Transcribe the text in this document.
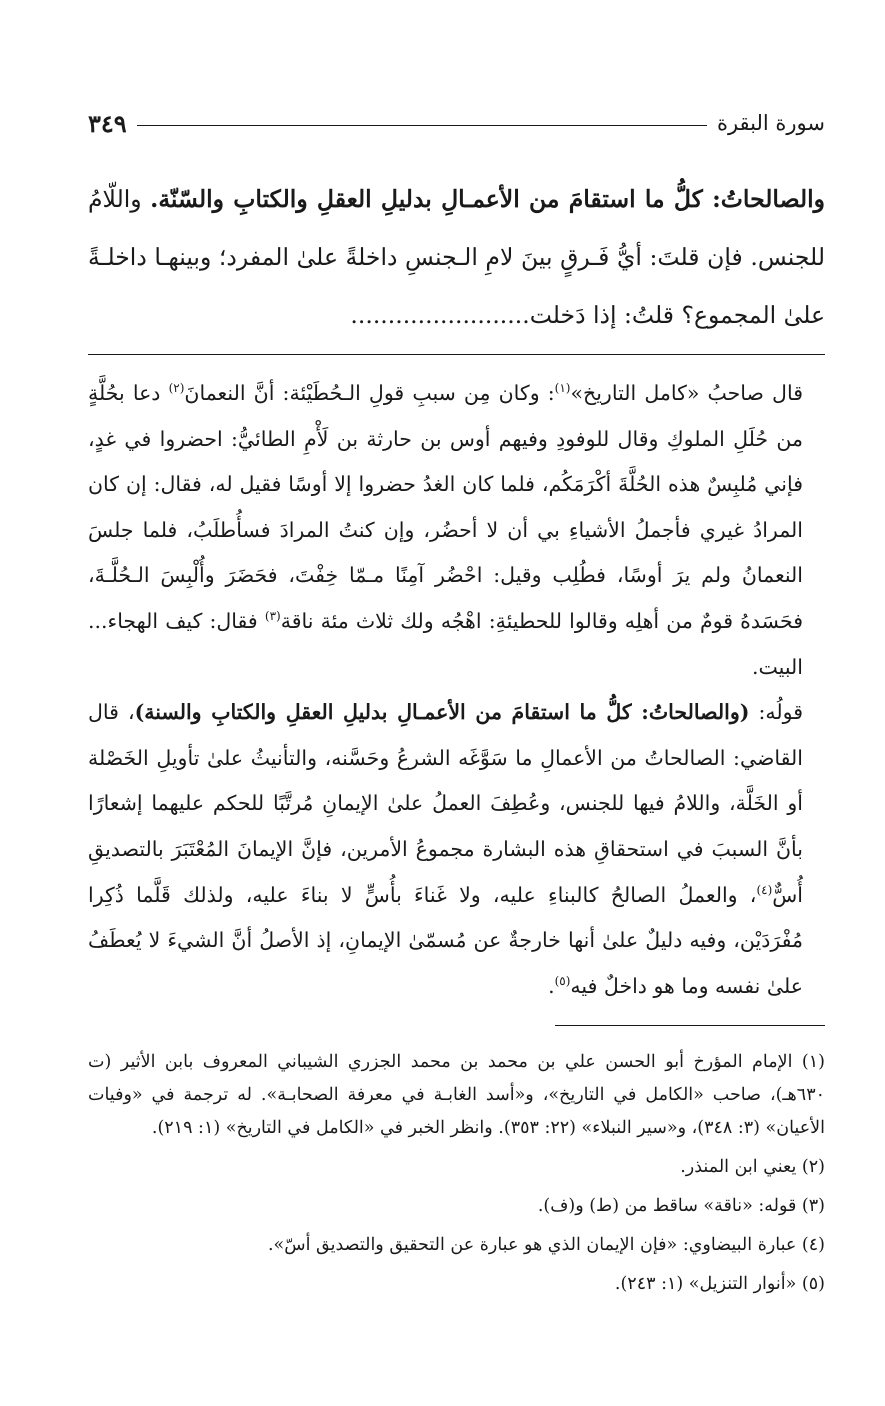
سورة البقرة
٣٤٩
والصالحاتُ: كلُّ ما استقامَ من الأعمـالِ بدليلِ العقلِ والكتابِ والسّنّة. واللّامُ للجنس. فإن قلتَ: أيُّ فَـرقٍ بينَ لامِ الـجنسِ داخلةً علىٰ المفرد؛ وبينهـا داخلـةً علىٰ المجموع؟ قلتُ: إذا دَخلت........................

قال صاحبُ «كامل التاريخ»$^{(١)}$: وكان مِن سببِ قولِ الـحُطَيْئة: أنَّ النعمانَ$^{(٢)}$ دعا بحُلَّةٍ من حُلَلِ الملوكِ وقال للوفودِ وفيهم أوس بن حارثة بن لَأْمِ الطائيُّ: احضروا في غدٍ، فإني مُلبِسٌ هذه الحُلَّةَ أكْرَمَكُم، فلما كان الغدُ حضروا إلا أوسًا فقيل له، فقال: إن كان المرادُ غيري فأجملُ الأشياءِ بي أن لا أحضُر، وإن كنتُ المرادَ فسأُطلَبُ، فلما جلسَ النعمانُ ولم يرَ أوسًا، فطُلِب وقيل: احْضُر آمِنًا مـمّا خِفْتَ، فحَضَرَ وأُلْبِسَ الـحُلَّـةَ، فحَسَدهُ قومٌ من أهلِه وقالوا للحطيئةِ: اهْجُه ولك ثلاث مئة ناقة$^{(٣)}$ فقال: كيف الهجاء... البيت.

قولُه: (والصالحاتُ: كلُّ ما استقامَ من الأعمـالِ بدليلِ العقلِ والكتابِ والسنة)، قال القاضي: الصالحاتُ من الأعمالِ ما سَوَّغَه الشرعُ وحَسَّنه، والتأنيثُ علىٰ تأويلِ الخَصْلة أو الخَلَّة، واللامُ فيها للجنس، وعُطِفَ العملُ علىٰ الإيمانِ مُرتَّبًا للحكم عليهما إشعارًا بأنَّ السببَ في استحقاقِ هذه البشارة مجموعُ الأمرين، فإنَّ الإيمانَ المُعْتَبَرَ بالتصديقِ أُسٌّ$^{(٤)}$، والعملُ الصالحُ كالبناءِ عليه، ولا غَناءَ بأُسٍّ لا بناءَ عليه، ولذلك قَلَّما ذُكِرا مُفْرَدَيْن، وفيه دليلٌ علىٰ أنها خارجةٌ عن مُسمّىٰ الإيمانِ، إذ الأصلُ أنَّ الشيءَ لا يُعطَفُ علىٰ نفسه وما هو داخلٌ فيه$^{(٥)}$.

(١) الإمام المؤرخ أبو الحسن علي بن محمد بن محمد الجزري الشيباني المعروف بابن الأثير (ت ٦٣٠هـ)، صاحب «الكامل في التاريخ»، و«أسد الغابـة في معرفة الصحابـة». له ترجمة في «وفيات الأعيان» (٣: ٣٤٨)، و«سير النبلاء» (٢٢: ٣٥٣). وانظر الخبر في «الكامل في التاريخ» (١: ٢١٩).

(٢) يعني ابن المنذر.

(٣) قوله: «ناقة» ساقط من (ط) و(ف).

(٤) عبارة البيضاوي: «فإن الإيمان الذي هو عبارة عن التحقيق والتصديق أسّ».

(٥) «أنوار التنزيل» (١: ٢٤٣).
